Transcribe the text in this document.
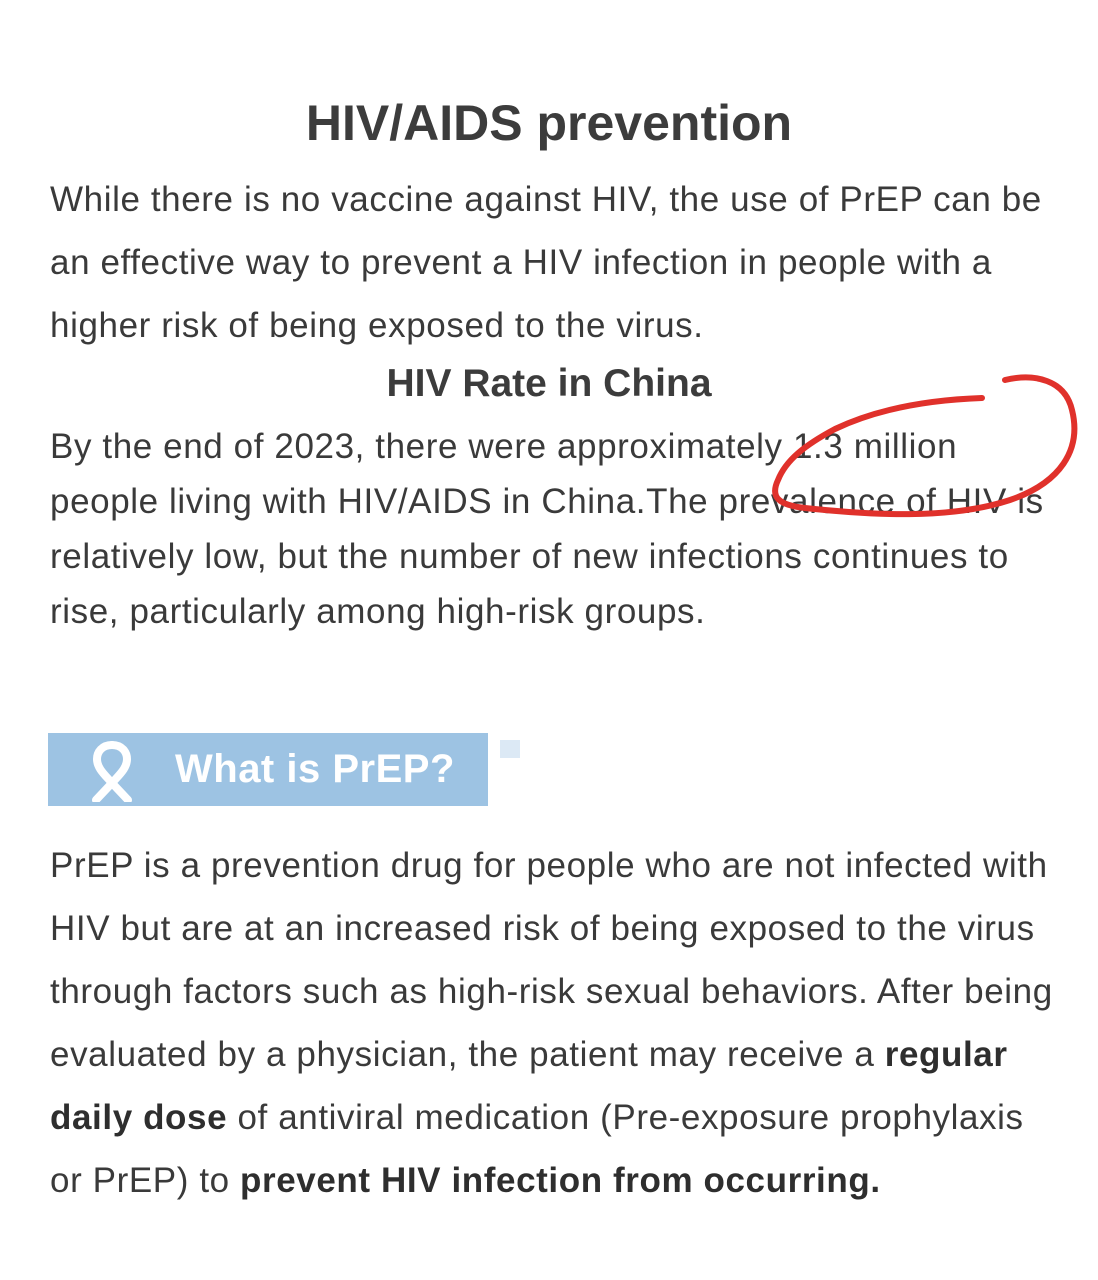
HIV/AIDS prevention

While there is no vaccine against HIV, the use of PrEP can be an effective way to prevent a HIV infection in people with a higher risk of being exposed to the virus.

HIV Rate in China

By the end of 2023, there were approximately 1.3 million people living with HIV/AIDS in China.The prevalence of HIV is relatively low, but the number of new infections continues to rise, particularly among high-risk groups.

What is PrEP?

PrEP is a prevention drug for people who are not infected with HIV but are at an increased risk of being exposed to the virus through factors such as high-risk sexual behaviors. After being evaluated by a physician, the patient may receive a regular daily dose of antiviral medication (Pre-exposure prophylaxis or PrEP) to prevent HIV infection from occurring.
